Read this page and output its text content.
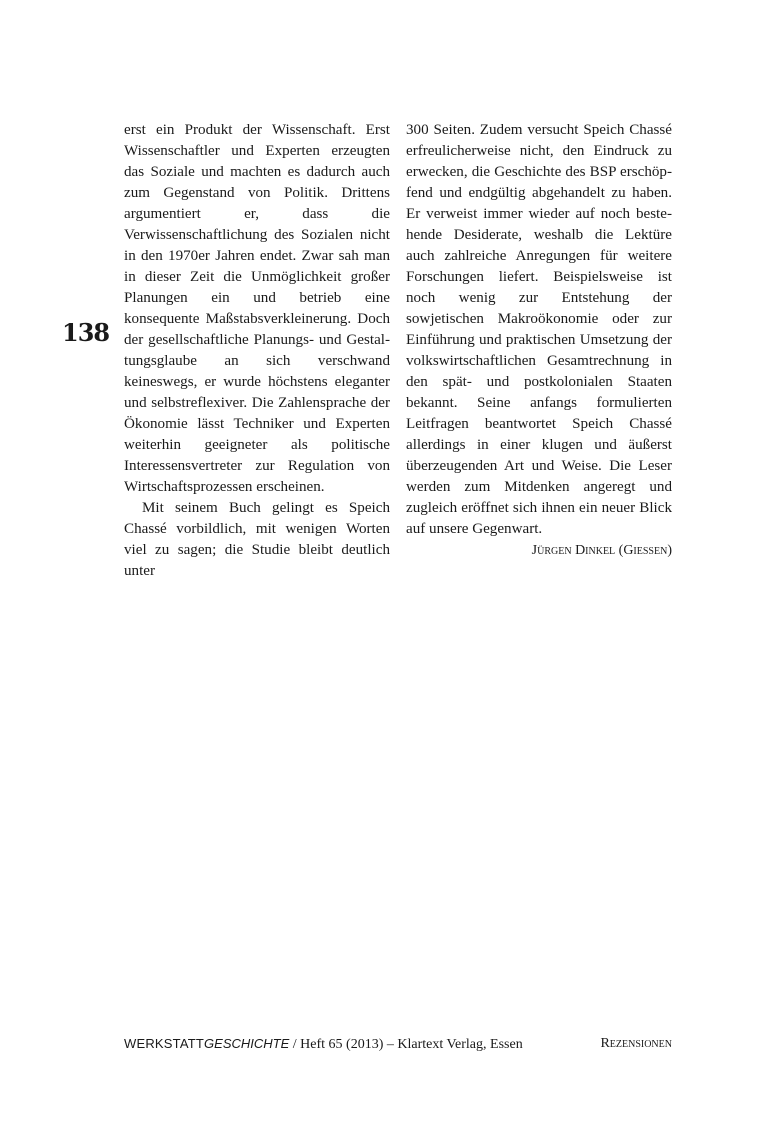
138

erst ein Produkt der Wissenschaft. Erst Wissenschaftler und Experten erzeugten das Soziale und machten es dadurch auch zum Gegenstand von Politik. Drittens argumentiert er, dass die Verwissenschaftlichung des Sozialen nicht in den 1970er Jahren endet. Zwar sah man in dieser Zeit die Unmöglichkeit großer Planungen ein und betrieb eine konsequente Maßstabsverkleinerung. Doch der gesellschaftliche Planungs- und Gestaltungsglaube an sich verschwand keineswegs, er wurde höchstens eleganter und selbstreflexiver. Die Zahlensprache der Ökonomie lässt Techniker und Experten weiterhin geeigneter als politische Interessensvertreter zur Regulation von Wirtschaftsprozessen erscheinen.

Mit seinem Buch gelingt es Speich Chassé vorbildlich, mit wenigen Worten viel zu sagen; die Studie bleibt deutlich unter

300 Seiten. Zudem versucht Speich Chassé erfreulicherweise nicht, den Eindruck zu erwecken, die Geschichte des BSP erschöpfend und endgültig abgehandelt zu haben. Er verweist immer wieder auf noch bestehende Desiderate, weshalb die Lektüre auch zahlreiche Anregungen für weitere Forschungen liefert. Beispielsweise ist noch wenig zur Entstehung der sowjetischen Makroökonomie oder zur Einführung und praktischen Umsetzung der volkswirtschaftlichen Gesamtrechnung in den spät- und postkolonialen Staaten bekannt. Seine anfangs formulierten Leitfragen beantwortet Speich Chassé allerdings in einer klugen und äußerst überzeugenden Art und Weise. Die Leser werden zum Mitdenken angeregt und zugleich eröffnet sich ihnen ein neuer Blick auf unsere Gegenwart.

Jürgen Dinkel (Giessen)

WERKSTATTGESCHICHTE / Heft 65 (2013) – Klartext Verlag, Essen	Rezensionen
